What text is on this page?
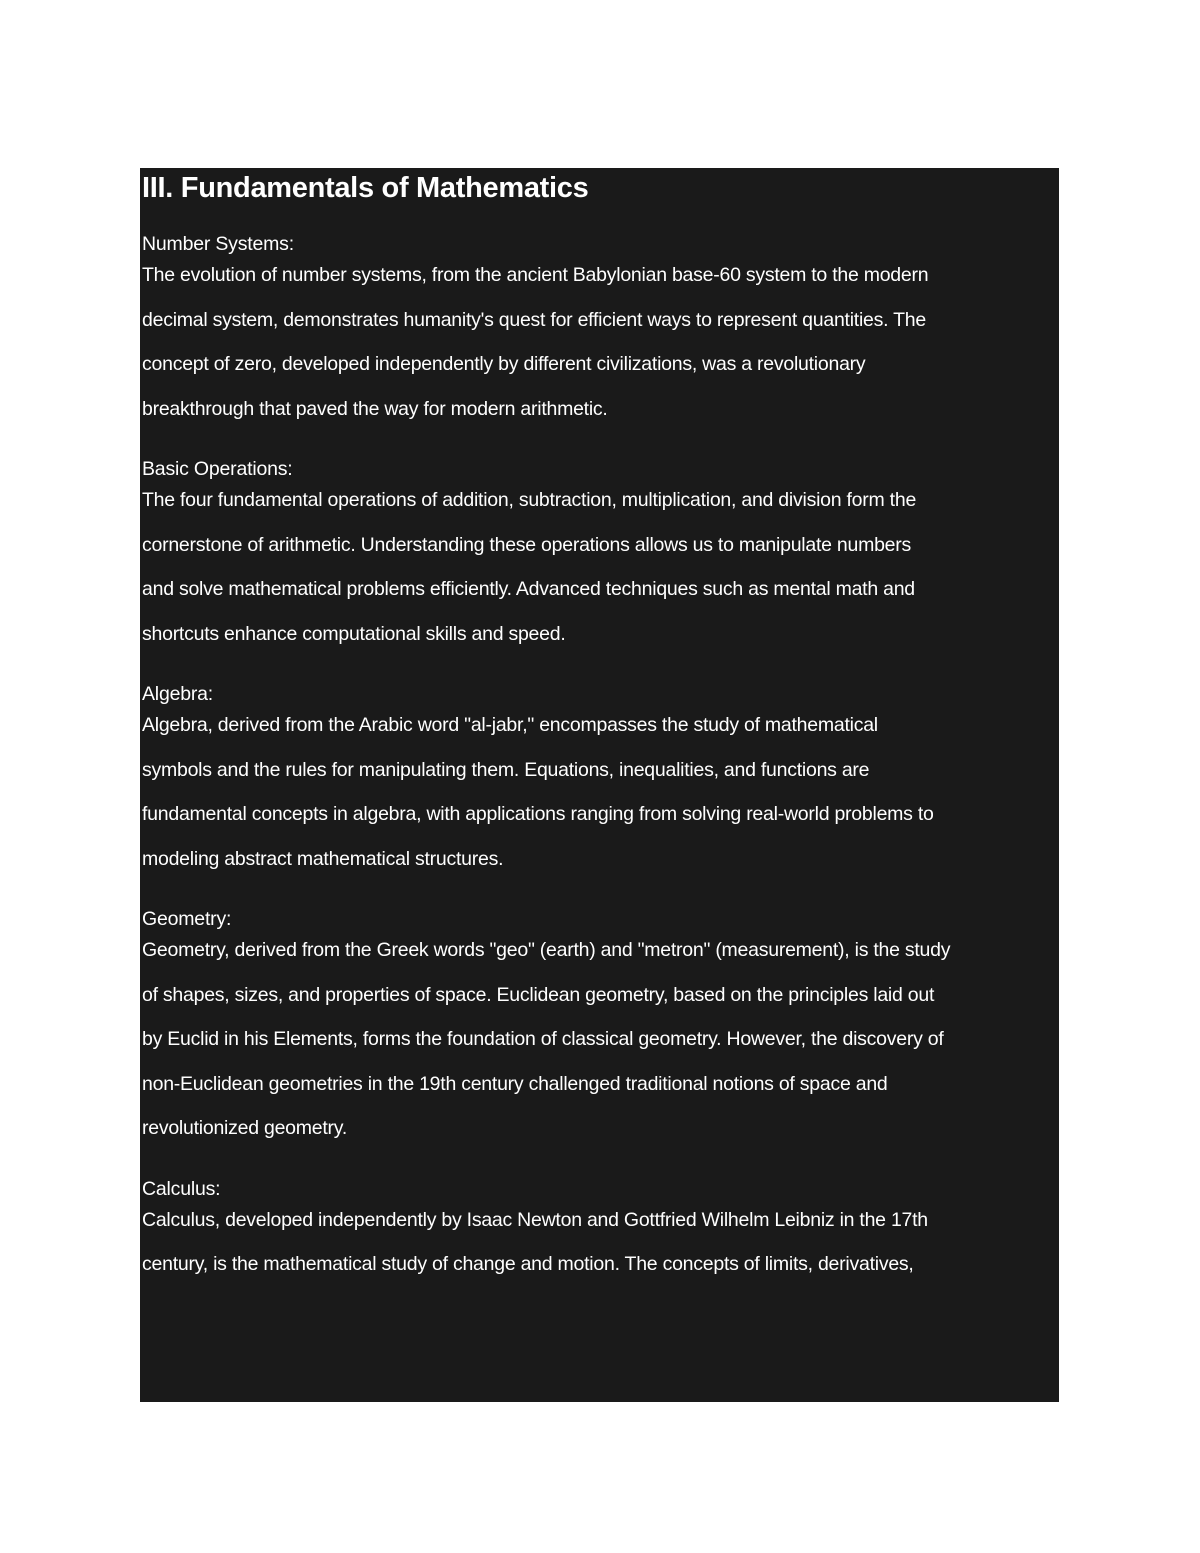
III. Fundamentals of Mathematics
Number Systems:
The evolution of number systems, from the ancient Babylonian base-60 system to the modern
decimal system, demonstrates humanity's quest for efficient ways to represent quantities. The
concept of zero, developed independently by different civilizations, was a revolutionary
breakthrough that paved the way for modern arithmetic.
Basic Operations:
The four fundamental operations of addition, subtraction, multiplication, and division form the
cornerstone of arithmetic. Understanding these operations allows us to manipulate numbers
and solve mathematical problems efficiently. Advanced techniques such as mental math and
shortcuts enhance computational skills and speed.
Algebra:
Algebra, derived from the Arabic word "al-jabr," encompasses the study of mathematical
symbols and the rules for manipulating them. Equations, inequalities, and functions are
fundamental concepts in algebra, with applications ranging from solving real-world problems to
modeling abstract mathematical structures.
Geometry:
Geometry, derived from the Greek words "geo" (earth) and "metron" (measurement), is the study
of shapes, sizes, and properties of space. Euclidean geometry, based on the principles laid out
by Euclid in his Elements, forms the foundation of classical geometry. However, the discovery of
non-Euclidean geometries in the 19th century challenged traditional notions of space and
revolutionized geometry.
Calculus:
Calculus, developed independently by Isaac Newton and Gottfried Wilhelm Leibniz in the 17th
century, is the mathematical study of change and motion. The concepts of limits, derivatives,
